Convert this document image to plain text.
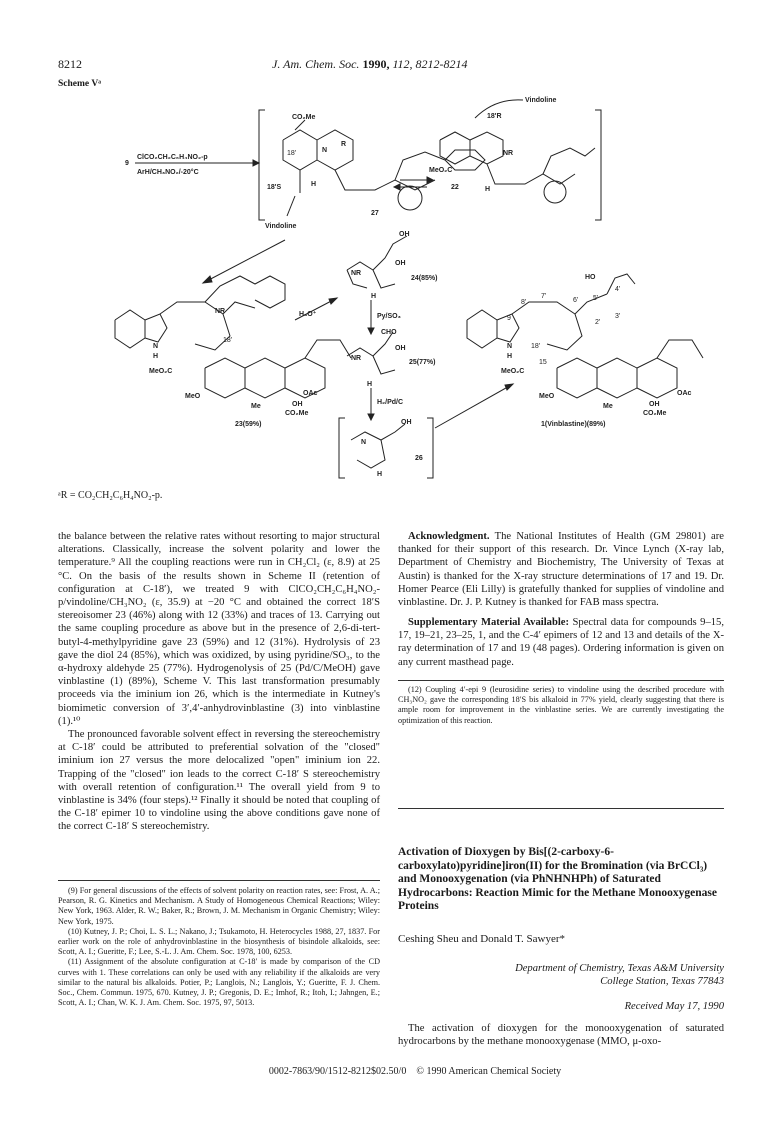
8212	J. Am. Chem. Soc. 1990, 112, 8212-8214
Scheme Vᵃ
9
ClCO₂CH₂C₆H₄NO₂-p
ArH/CH₃NO₂/-20°C
CO₂Me
N
R
18'
18'S	H
27
Vindoline
NR
MeO₂C
22	H
18'R
Vindoline
N
H
NR
18'
MeO₂C
MeO
Me
OAc
OH
CO₂Me
23(59%)
H₃O⁺
NR
OH
OH
H
24(85%)
Py/SO₃
CHO
OH
NR
H
25(77%)
H₂/Pd/C
N
OH
H
26
HO
4'
5'
6'
7'
8'
9
2'
3'
18'
15
N
H
MeO₂C
MeO
Me
OAc
OH
CO₂Me
1(Vinblastine)(89%)
ᵃR = CO₂CH₂C₆H₄NO₂-p.

the balance between the relative rates without resorting to major structural alterations. Classically, increase the solvent polarity and lower the temperature.⁹ All the coupling reactions were run in CH₂Cl₂ (ε, 8.9) at 25 °C. On the basis of the results shown in Scheme II (retention of configuration at C-18′), we treated 9 with ClCO₂CH₂C₆H₄NO₂-p/vindoline/CH₃NO₂ (ε, 35.9) at −20 °C and obtained the correct 18′S stereoisomer 23 (46%) along with 12 (33%) and traces of 13. Carrying out the same coupling procedure as above but in the presence of 2,6-di-tert-butyl-4-methylpyridine gave 23 (59%) and 12 (31%). Hydrolysis of 23 gave the diol 24 (85%), which was oxidized, by using pyridine/SO₃, to the α-hydroxy aldehyde 25 (77%). Hydrogenolysis of 25 (Pd/C/MeOH) gave vinblastine (1) (89%), Scheme V. This last transformation presumably proceeds via the iminium ion 26, which is the intermediate in Kutney's biomimetic conversion of 3′,4′-anhydrovinblastine (3) into vinblastine (1).¹⁰

The pronounced favorable solvent effect in reversing the stereochemistry at C-18′ could be attributed to preferential solvation of the "closed" iminium ion 27 versus the more delocalized "open" iminium ion 22. Trapping of the "closed" ion leads to the correct C-18′ S stereochemistry with overall retention of configuration.¹¹ The overall yield from 9 to vinblastine is 34% (four steps).¹² Finally it should be noted that coupling of the C-18′ epimer 10 to vindoline using the above conditions gave none of the correct C-18′ S stereochemistry.

(9) For general discussions of the effects of solvent polarity on reaction rates, see: Frost, A. A.; Pearson, R. G. Kinetics and Mechanism. A Study of Homogeneous Chemical Reactions; Wiley: New York, 1963. Alder, R. W.; Baker, R.; Brown, J. M. Mechanism in Organic Chemistry; Wiley: New York, 1975.

(10) Kutney, J. P.; Choi, L. S. L.; Nakano, J.; Tsukamoto, H. Heterocycles 1988, 27, 1837. For earlier work on the role of anhydrovinblastine in the biosynthesis of bisindole alkaloids, see: Scott, A. I.; Gueritte, F.; Lee, S.-L. J. Am. Chem. Soc. 1978, 100, 6253.

(11) Assignment of the absolute configuration at C-18′ is made by comparison of the CD curves with 1. These correlations can only be used with any reliability if the alkaloids are very similar to the natural bis alkaloids. Potier, P.; Langlois, N.; Langlois, Y.; Gueritte, F. J. Chem. Soc., Chem. Commun. 1975, 670. Kutney, J. P.; Gregonis, D. E.; Imhof, R.; Itoh, I.; Jahngen, E.; Scott, A. I.; Chan, W. K. J. Am. Chem. Soc. 1975, 97, 5013.

Acknowledgment. The National Institutes of Health (GM 29801) are thanked for their support of this research. Dr. Vince Lynch (X-ray lab, Department of Chemistry and Biochemistry, The University of Texas at Austin) is thanked for the X-ray structure determinations of 17 and 19. Dr. Homer Pearce (Eli Lilly) is gratefully thanked for supplies of vindoline and vinblastine. Dr. J. P. Kutney is thanked for FAB mass spectra.

Supplementary Material Available: Spectral data for compounds 9–15, 17, 19–21, 23–25, 1, and the C-4′ epimers of 12 and 13 and details of the X-ray determination of 17 and 19 (48 pages). Ordering information is given on any current masthead page.

(12) Coupling 4′-epi 9 (leurosidine series) to vindoline using the described procedure with CH₃NO₂ gave the corresponding 18′S bis alkaloid in 77% yield, clearly suggesting that there is ample room for improvement in the vinblastine series. We are currently investigating the optimization of this reaction.

Activation of Dioxygen by Bis[(2-carboxy-6-carboxylato)pyridine]iron(II) for the Bromination (via BrCCl₃) and Monooxygenation (via PhNHNHPh) of Saturated Hydrocarbons: Reaction Mimic for the Methane Monooxygenase Proteins
Ceshing Sheu and Donald T. Sawyer*
Department of Chemistry, Texas A&M University
College Station, Texas 77843
Received May 17, 1990

The activation of dioxygen for the monooxygenation of saturated hydrocarbons by the methane monooxygenase (MMO, μ-oxo-

0002-7863/90/1512-8212$02.50/0 © 1990 American Chemical Society
